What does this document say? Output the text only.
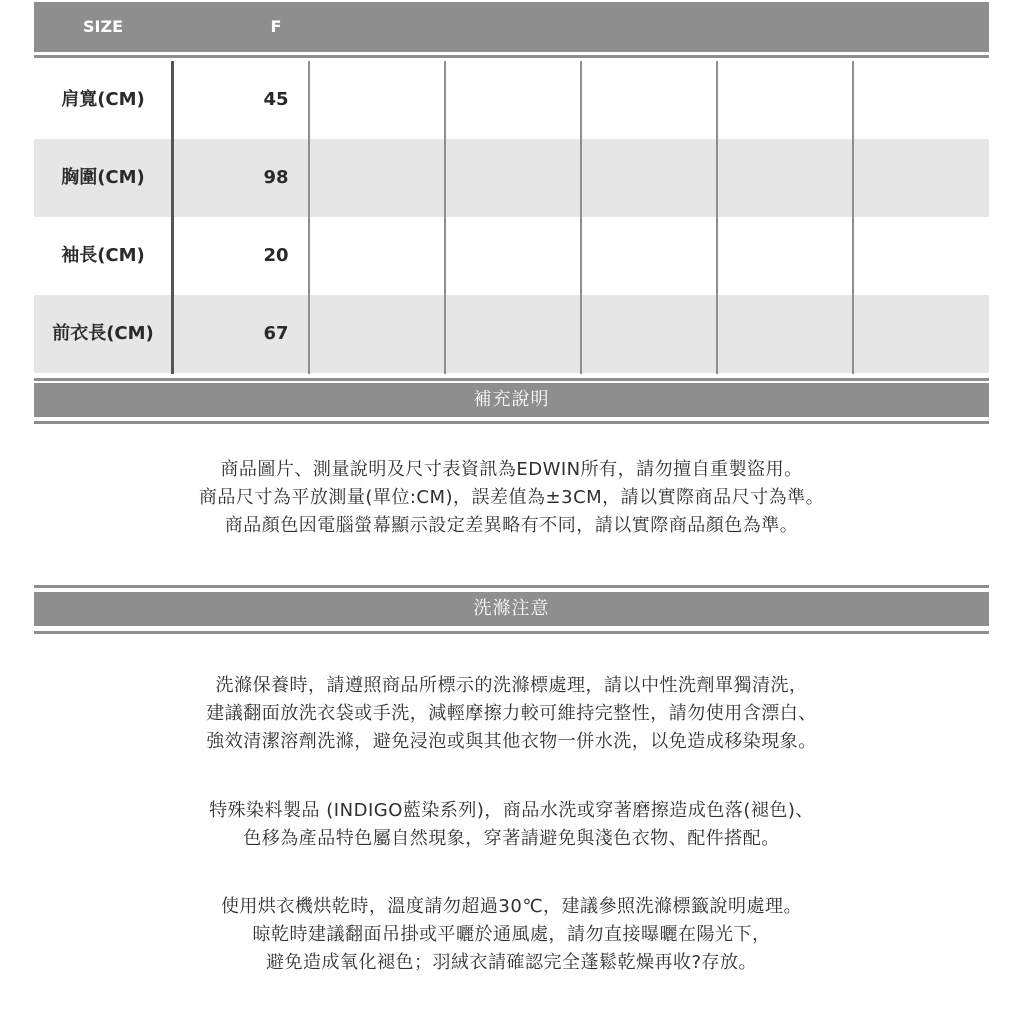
SIZE	F
肩寬(CM)	45
胸圍(CM)	98
袖長(CM)	20
前衣長(CM)	67
補充說明
商品圖片、測量說明及尺寸表資訊為EDWIN所有，請勿擅自重製盜用。
商品尺寸為平放測量(單位:CM)，誤差值為±3CM，請以實際商品尺寸為準。
商品顏色因電腦螢幕顯示設定差異略有不同，請以實際商品顏色為準。
洗滌注意
洗滌保養時，請遵照商品所標示的洗滌標處理，請以中性洗劑單獨清洗，
建議翻面放洗衣袋或手洗，減輕摩擦力較可維持完整性，請勿使用含漂白、
強效清潔溶劑洗滌，避免浸泡或與其他衣物一併水洗，以免造成移染現象。
特殊染料製品 (INDIGO藍染系列)，商品水洗或穿著磨擦造成色落(褪色)、
色移為產品特色屬自然現象，穿著請避免與淺色衣物、配件搭配。
使用烘衣機烘乾時，溫度請勿超過30℃，建議參照洗滌標籤說明處理。
晾乾時建議翻面吊掛或平曬於通風處，請勿直接曝曬在陽光下，
避免造成氧化褪色；羽絨衣請確認完全蓬鬆乾燥再收?存放。
